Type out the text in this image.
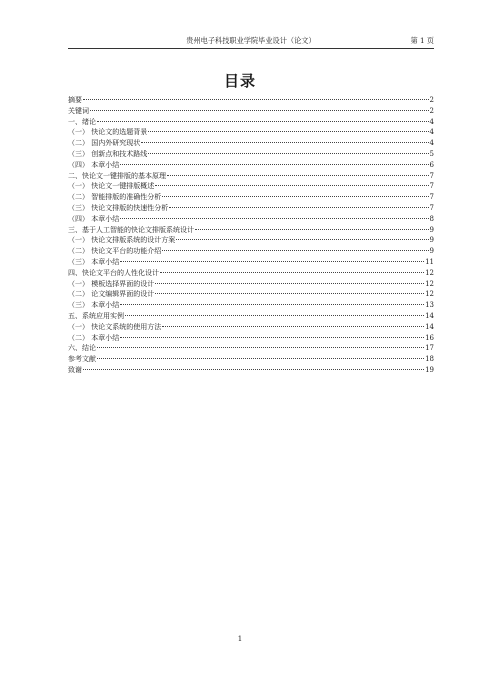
贵州电子科技职业学院毕业设计（论文）	第 1 页
目录
摘要	2
关键词	2
一、绪论	4
（一） 快论文的选题背景	4
（二） 国内外研究现状	4
（三） 创新点和技术路线	5
（四） 本章小结	6
二、快论文一键排版的基本原理	7
（一） 快论文一键排版概述	7
（二） 智能排版的准确性分析	7
（三） 快论文排版的快速性分析	7
（四） 本章小结	8
三、基于人工智能的快论文排版系统设计	9
（一） 快论文排版系统的设计方案	9
（二） 快论文平台的功能介绍	9
（三） 本章小结	11
四、快论文平台的人性化设计	12
（一） 模板选择界面的设计	12
（二） 论文编辑界面的设计	12
（三） 本章小结	13
五、系统应用实例	14
（一） 快论文系统的使用方法	14
（二） 本章小结	16
六、结论	17
参考文献	18
致谢	19
1
